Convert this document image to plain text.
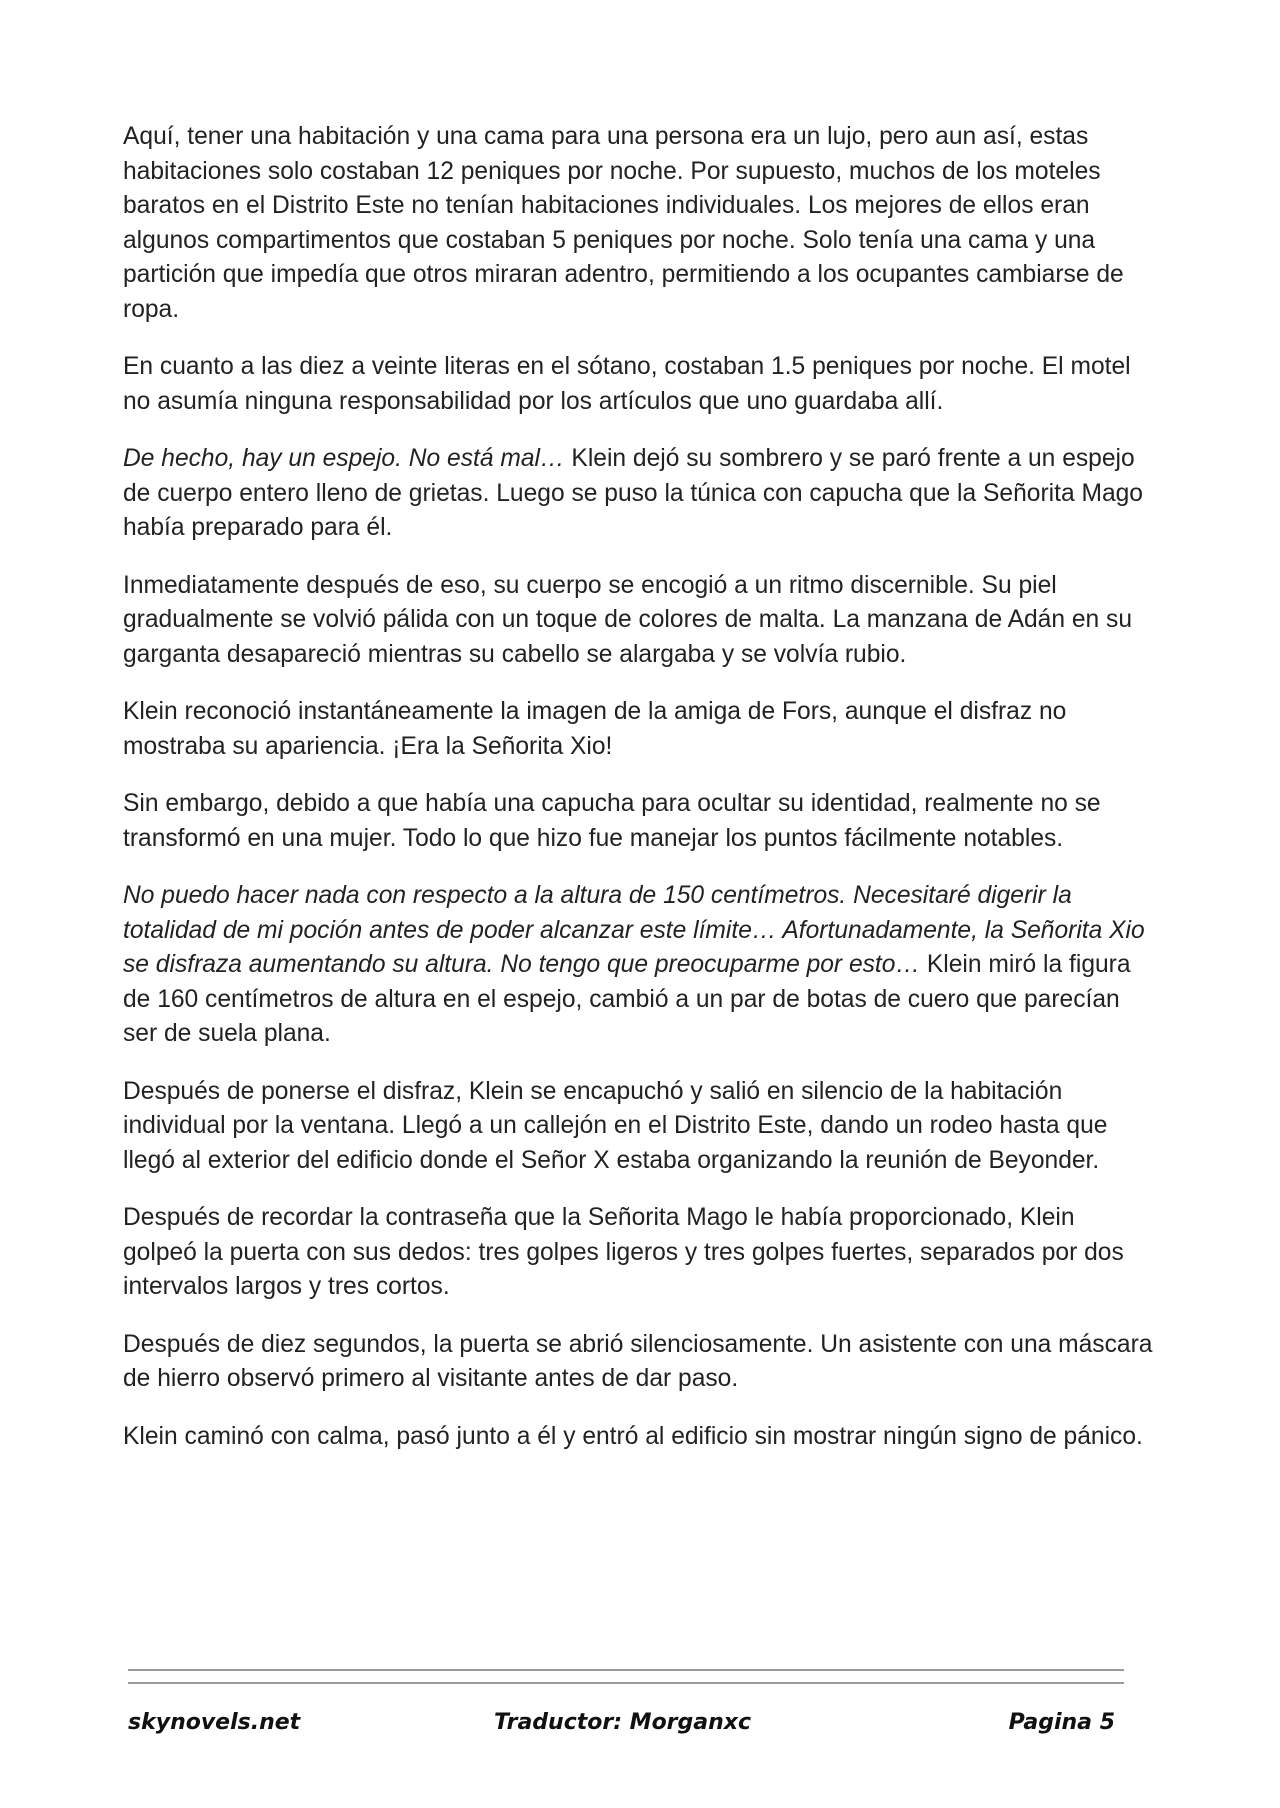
Aquí, tener una habitación y una cama para una persona era un lujo, pero aun así, estas habitaciones solo costaban 12 peniques por noche. Por supuesto, muchos de los moteles baratos en el Distrito Este no tenían habitaciones individuales. Los mejores de ellos eran algunos compartimentos que costaban 5 peniques por noche. Solo tenía una cama y una partición que impedía que otros miraran adentro, permitiendo a los ocupantes cambiarse de ropa.

En cuanto a las diez a veinte literas en el sótano, costaban 1.5 peniques por noche. El motel no asumía ninguna responsabilidad por los artículos que uno guardaba allí.

De hecho, hay un espejo. No está mal… Klein dejó su sombrero y se paró frente a un espejo de cuerpo entero lleno de grietas. Luego se puso la túnica con capucha que la Señorita Mago había preparado para él.

Inmediatamente después de eso, su cuerpo se encogió a un ritmo discernible. Su piel gradualmente se volvió pálida con un toque de colores de malta. La manzana de Adán en su garganta desapareció mientras su cabello se alargaba y se volvía rubio.

Klein reconoció instantáneamente la imagen de la amiga de Fors, aunque el disfraz no mostraba su apariencia. ¡Era la Señorita Xio!

Sin embargo, debido a que había una capucha para ocultar su identidad, realmente no se transformó en una mujer. Todo lo que hizo fue manejar los puntos fácilmente notables.

No puedo hacer nada con respecto a la altura de 150 centímetros. Necesitaré digerir la totalidad de mi poción antes de poder alcanzar este límite… Afortunadamente, la Señorita Xio se disfraza aumentando su altura. No tengo que preocuparme por esto… Klein miró la figura de 160 centímetros de altura en el espejo, cambió a un par de botas de cuero que parecían ser de suela plana.

Después de ponerse el disfraz, Klein se encapuchó y salió en silencio de la habitación individual por la ventana. Llegó a un callejón en el Distrito Este, dando un rodeo hasta que llegó al exterior del edificio donde el Señor X estaba organizando la reunión de Beyonder.

Después de recordar la contraseña que la Señorita Mago le había proporcionado, Klein golpeó la puerta con sus dedos: tres golpes ligeros y tres golpes fuertes, separados por dos intervalos largos y tres cortos.

Después de diez segundos, la puerta se abrió silenciosamente. Un asistente con una máscara de hierro observó primero al visitante antes de dar paso.

Klein caminó con calma, pasó junto a él y entró al edificio sin mostrar ningún signo de pánico.

skynovels.net	Traductor: Morganxc	Pagina 5
